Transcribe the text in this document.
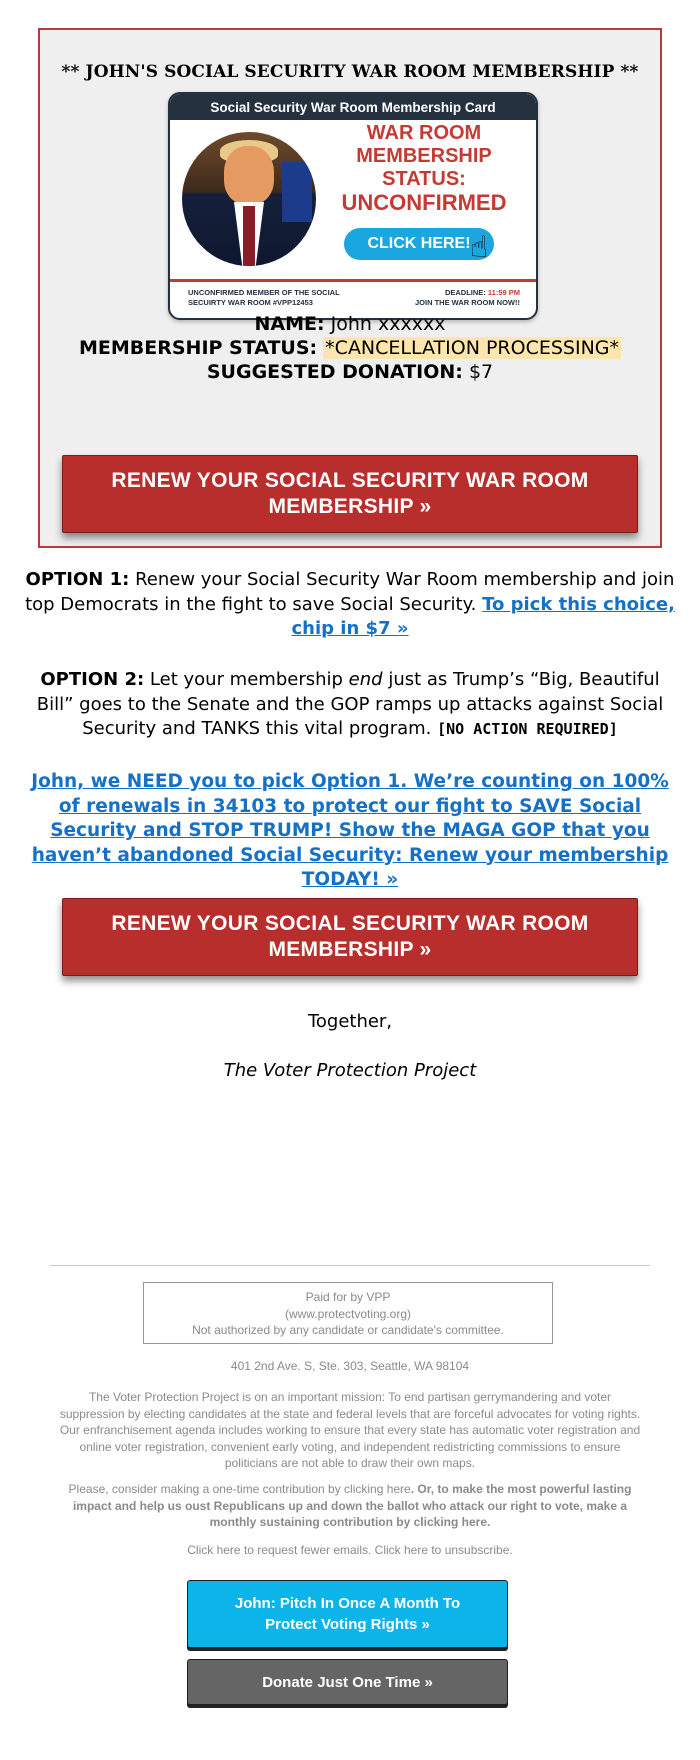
** JOHN'S SOCIAL SECURITY WAR ROOM MEMBERSHIP **
Social Security War Room Membership Card
WAR ROOM
MEMBERSHIP
STATUS:
UNCONFIRMED
CLICK HERE! ☝
UNCONFIRMED MEMBER OF THE SOCIAL SECUIRTY WAR ROOM #VPP12453
DEADLINE: 11:59 PM
JOIN THE WAR ROOM NOW!!
NAME: John xxxxxx
MEMBERSHIP STATUS: *CANCELLATION PROCESSING*
SUGGESTED DONATION: $7
RENEW YOUR SOCIAL SECURITY WAR ROOM MEMBERSHIP »
OPTION 1: Renew your Social Security War Room membership and join top Democrats in the fight to save Social Security. To pick this choice, chip in $7 »
OPTION 2: Let your membership end just as Trump’s “Big, Beautiful Bill” goes to the Senate and the GOP ramps up attacks against Social Security and TANKS this vital program. [NO ACTION REQUIRED]
John, we NEED you to pick Option 1. We’re counting on 100% of renewals in 34103 to protect our fight to SAVE Social Security and STOP TRUMP! Show the MAGA GOP that you haven’t abandoned Social Security: Renew your membership TODAY! »
RENEW YOUR SOCIAL SECURITY WAR ROOM MEMBERSHIP »
Together,
The Voter Protection Project
Paid for by VPP
(www.protectvoting.org)
Not authorized by any candidate or candidate's committee.
401 2nd Ave. S, Ste. 303, Seattle, WA 98104
The Voter Protection Project is on an important mission: To end partisan gerrymandering and voter suppression by electing candidates at the state and federal levels that are forceful advocates for voting rights. Our enfranchisement agenda includes working to ensure that every state has automatic voter registration and online voter registration, convenient early voting, and independent redistricting commissions to ensure politicians are not able to draw their own maps.
Please, consider making a one-time contribution by clicking here. Or, to make the most powerful lasting impact and help us oust Republicans up and down the ballot who attack our right to vote, make a monthly sustaining contribution by clicking here.
Click here to request fewer emails. Click here to unsubscribe.
John: Pitch In Once A Month To Protect Voting Rights »
Donate Just One Time »
